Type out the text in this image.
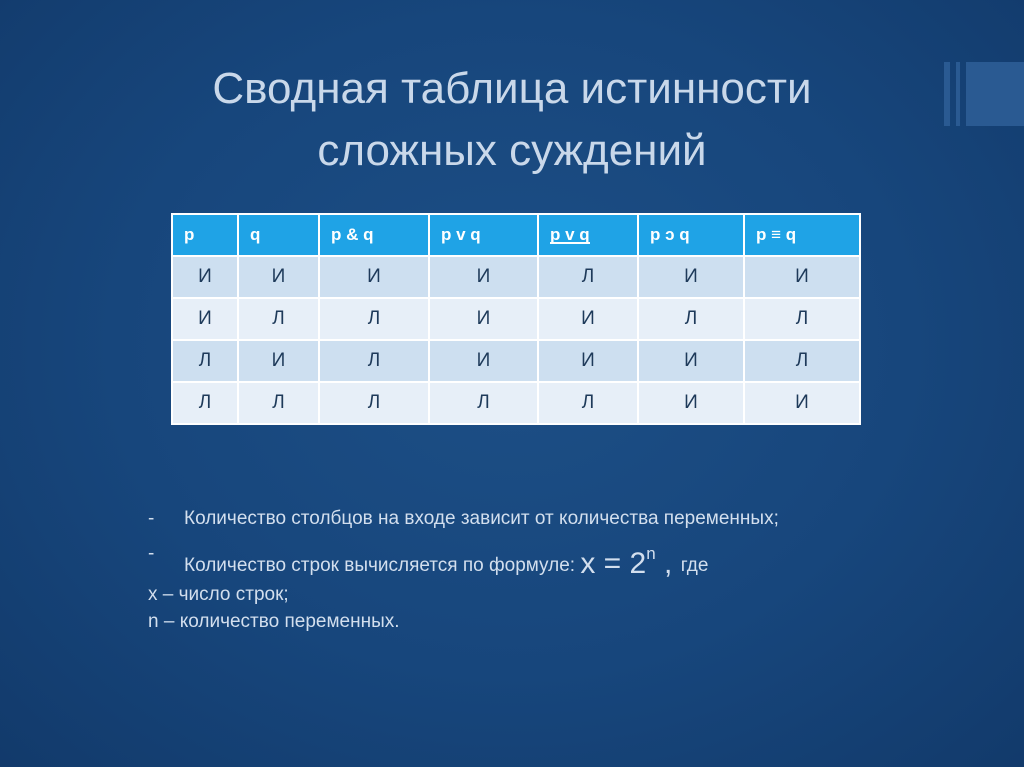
Сводная таблица истинности
сложных суждений
p	q	p & q	p v q	p v q	p ↄ q	p ≡ q
И	И	И	И	Л	И	И
И	Л	Л	И	И	Л	Л
Л	И	Л	И	И	И	Л
Л	Л	Л	Л	Л	И	И
- Количество столбцов на входе зависит от количества переменных;
-
Количество строк вычисляется по формуле: $х = 2^n$ , где
х – число строк;
n – количество переменных.
